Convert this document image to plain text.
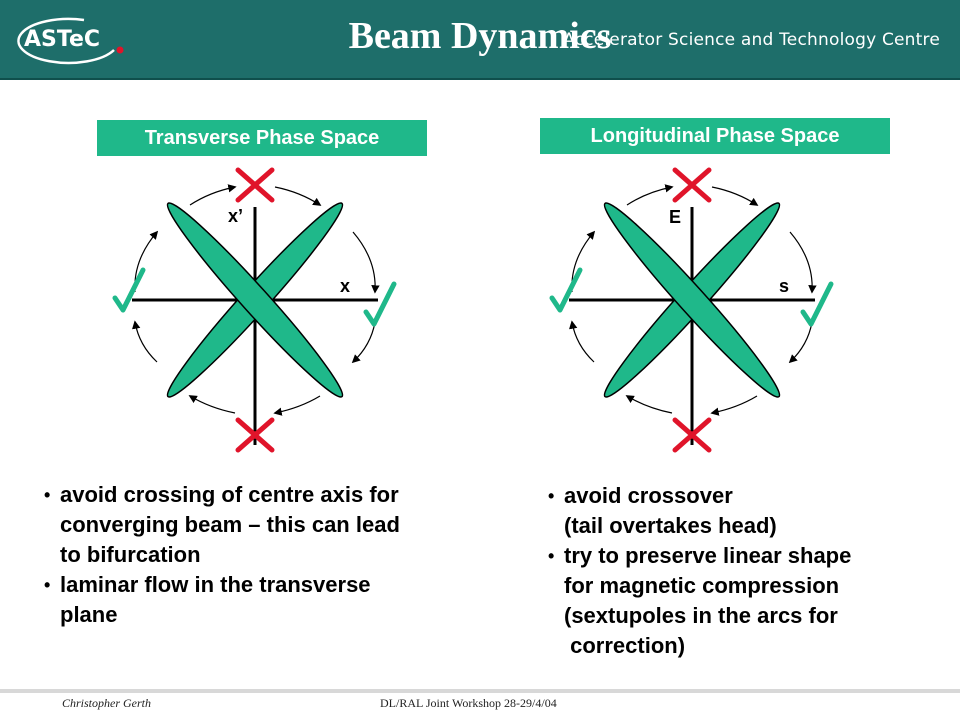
ASTeC	Beam Dynamics
Accelerator Science and Technology Centre
Transverse Phase Space	Longitudinal Phase Space
x’
x
E
s
• avoid crossing of centre axis for
converging beam – this can lead
to bifurcation
• laminar flow in the transverse
plane
• avoid crossover
(tail overtakes head)
• try to preserve linear shape
for magnetic compression
(sextupoles in the arcs for
correction)
Christopher Gerth	DL/RAL Joint Workshop 28-29/4/04
